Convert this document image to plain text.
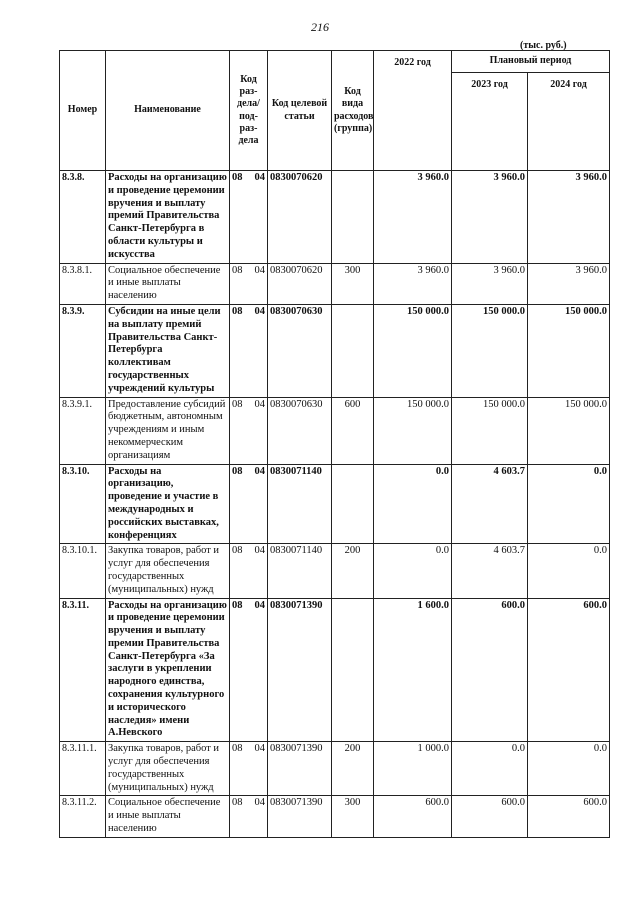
216
(тыс. руб.)
Номер	Наименование	Код раз-дела/ под-раз-дела	Код целевой статьи	Код вида расходов (группа)	2022 год	Плановый период	
						2023 год	2024 год
8.3.8.	Расходы на организацию и проведение церемонии вручения и выплату премий Правительства Санкт-Петербурга в области культуры и искусства	08 04	0830070620		3 960.0	3 960.0	3 960.0
8.3.8.1.	Социальное обеспечение и иные выплаты населению	08 04	0830070620	300	3 960.0	3 960.0	3 960.0
8.3.9.	Субсидии на иные цели на выплату премий Правительства Санкт-Петербурга коллективам государственных учреждений культуры	08 04	0830070630		150 000.0	150 000.0	150 000.0
8.3.9.1.	Предоставление субсидий бюджетным, автономным учреждениям и иным некоммерческим организациям	08 04	0830070630	600	150 000.0	150 000.0	150 000.0
8.3.10.	Расходы на организацию, проведение и участие в международных и российских выставках, конференциях	08 04	0830071140		0.0	4 603.7	0.0
8.3.10.1.	Закупка товаров, работ и услуг для обеспечения государственных (муниципальных) нужд	08 04	0830071140	200	0.0	4 603.7	0.0
8.3.11.	Расходы на организацию и проведение церемонии вручения и выплату премии Правительства Санкт-Петербурга «За заслуги в укреплении народного единства, сохранения культурного и исторического наследия» имени А.Невского	08 04	0830071390		1 600.0	600.0	600.0
8.3.11.1.	Закупка товаров, работ и услуг для обеспечения государственных (муниципальных) нужд	08 04	0830071390	200	1 000.0	0.0	0.0
8.3.11.2.	Социальное обеспечение и иные выплаты населению	08 04	0830071390	300	600.0	600.0	600.0
